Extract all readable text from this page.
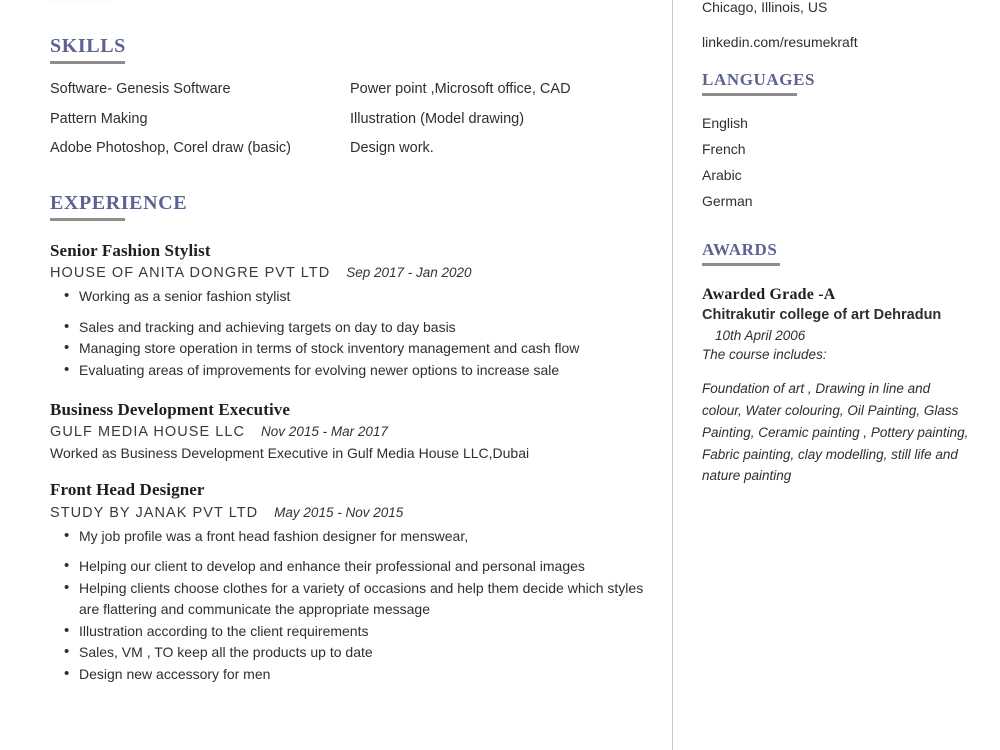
SKILLS
Software- Genesis Software
Pattern Making
Adobe Photoshop, Corel draw (basic)
Power point ,Microsoft office, CAD
Illustration (Model drawing)
Design work.
EXPERIENCE
Senior Fashion Stylist
HOUSE OF ANITA DONGRE PVT LTD Sep 2017 - Jan 2020
• Working as a senior fashion stylist
• Sales and tracking and achieving targets on day to day basis
• Managing store operation in terms of stock inventory management and cash flow
• Evaluating areas of improvements for evolving newer options to increase sale
Business Development Executive
GULF MEDIA HOUSE LLC Nov 2015 - Mar 2017
Worked as Business Development Executive in Gulf Media House LLC,Dubai
Front Head Designer
STUDY BY JANAK PVT LTD May 2015 - Nov 2015
• My job profile was a front head fashion designer for menswear,
• Helping our client to develop and enhance their professional and personal images
• Helping clients choose clothes for a variety of occasions and help them decide which styles are flattering and communicate the appropriate message
• Illustration according to the client requirements
• Sales, VM , TO keep all the products up to date
• Design new accessory for men
Chicago, Illinois, US
linkedin.com/resumekraft
LANGUAGES
English
French
Arabic
German
AWARDS
Awarded Grade -A
Chitrakutir college of art Dehradun
10th April 2006
The course includes:
Foundation of art , Drawing in line and colour, Water colouring, Oil Painting, Glass Painting, Ceramic painting , Pottery painting, Fabric painting, clay modelling, still life and nature painting
